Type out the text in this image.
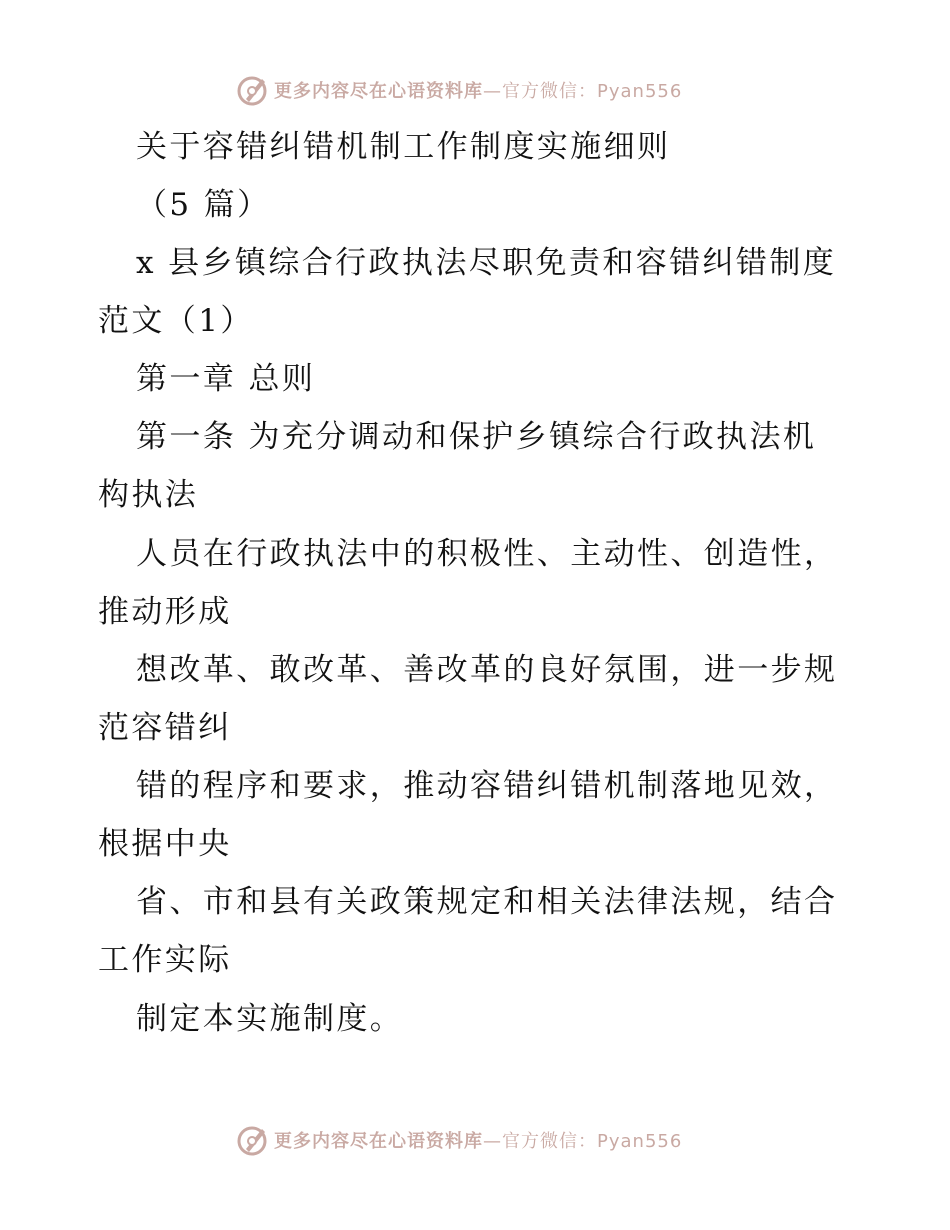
更多内容尽在心语资料库 —官方微信：Pyan556
关于容错纠错机制工作制度实施细则
（5 篇）
x 县乡镇综合行政执法尽职免责和容错纠错制度
范文（1）
第一章 总则
第一条 为充分调动和保护乡镇综合行政执法机
构执法
人员在行政执法中的积极性、主动性、创造性，
推动形成
想改革、敢改革、善改革的良好氛围，进一步规
范容错纠
错的程序和要求，推动容错纠错机制落地见效，
根据中央
省、市和县有关政策规定和相关法律法规，结合
工作实际
制定本实施制度。
更多内容尽在心语资料库 —官方微信：Pyan556
